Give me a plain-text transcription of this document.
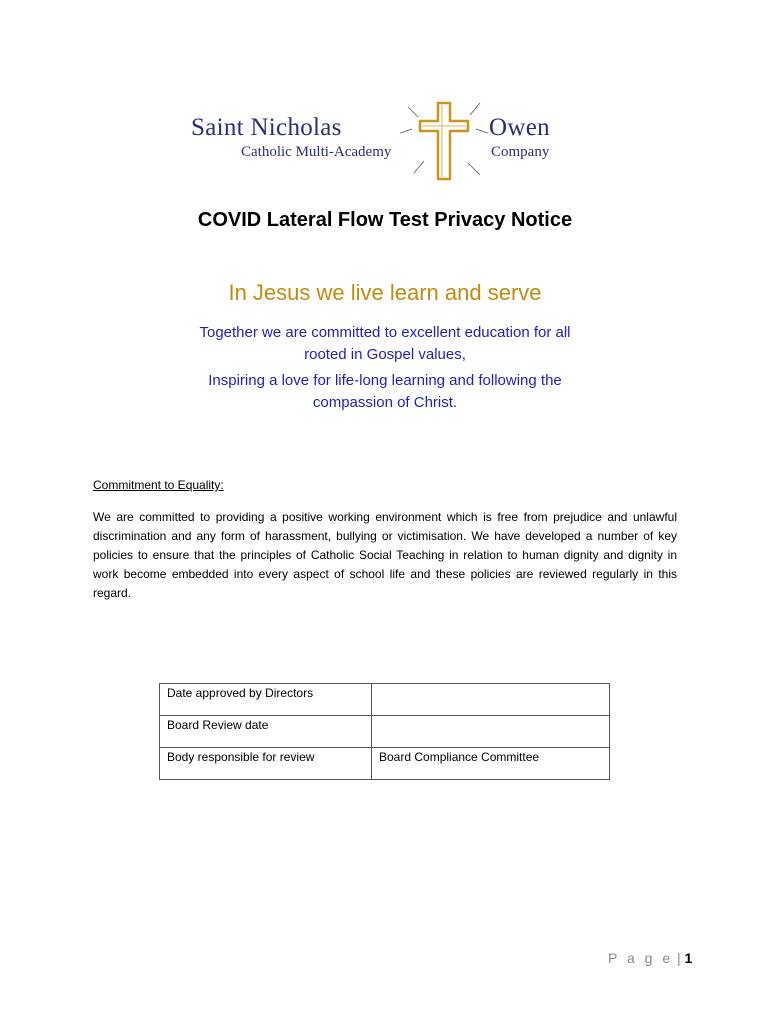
Saint Nicholas
Catholic Multi-Academy
Owen
Company
COVID Lateral Flow Test Privacy Notice
In Jesus we live learn and serve
Together we are committed to excellent education for all
rooted in Gospel values,
Inspiring a love for life-long learning and following the
compassion of Christ.
Commitment to Equality:
We are committed to providing a positive working environment which is free from prejudice and unlawful discrimination and any form of harassment, bullying or victimisation. We have developed a number of key policies to ensure that the principles of Catholic Social Teaching in relation to human dignity and dignity in work become embedded into every aspect of school life and these policies are reviewed regularly in this regard.
Date approved by Directors	
Board Review date	
Body responsible for review	Board Compliance Committee
P a g e | 1
